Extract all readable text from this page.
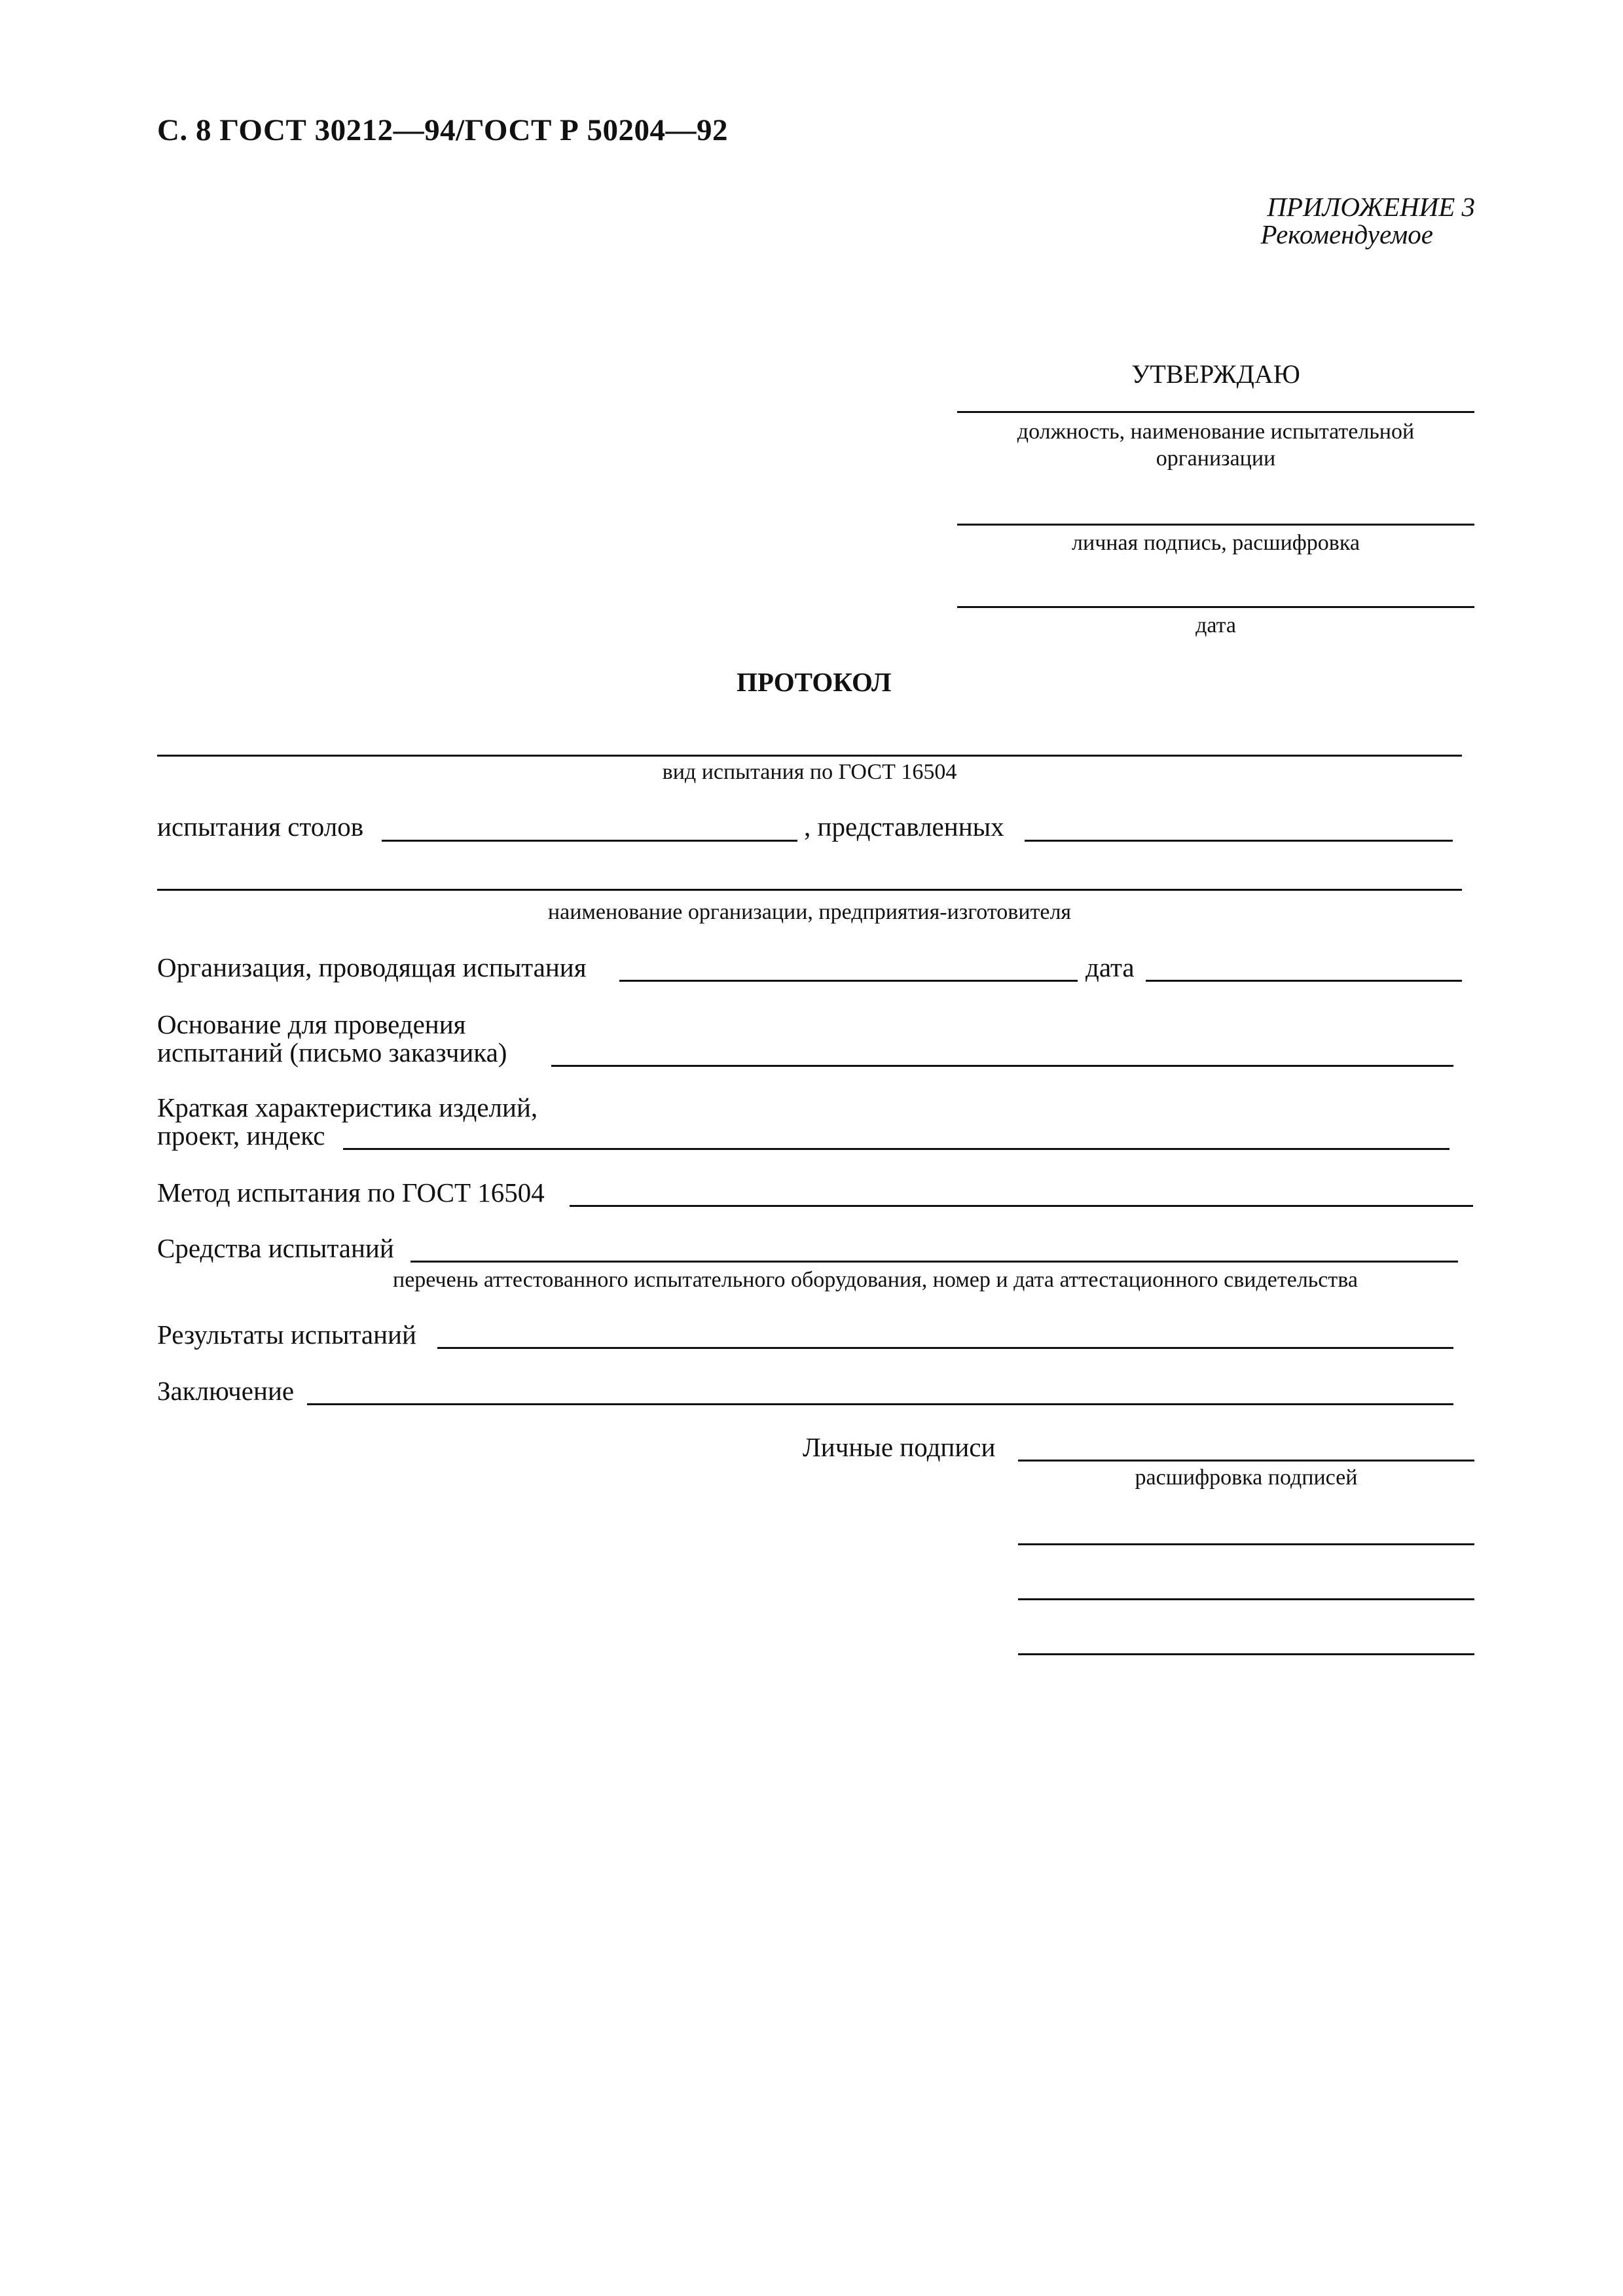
С. 8 ГОСТ 30212—94/ГОСТ Р 50204—92
ПРИЛОЖЕНИЕ 3
Рекомендуемое
УТВЕРЖДАЮ
должность, наименование испытательной
организации
личная подпись, расшифровка
дата
ПРОТОКОЛ
вид испытания по ГОСТ 16504
испытания столов	, представленных
наименование организации, предприятия-изготовителя
Организация, проводящая испытания	дата
Основание для проведения
испытаний (письмо заказчика)
Краткая характеристика изделий,
проект, индекс
Метод испытания по ГОСТ 16504
Средства испытаний
перечень аттестованного испытательного оборудования, номер и дата аттестационного свидетельства
Результаты испытаний
Заключение
Личные подписи
расшифровка подписей
